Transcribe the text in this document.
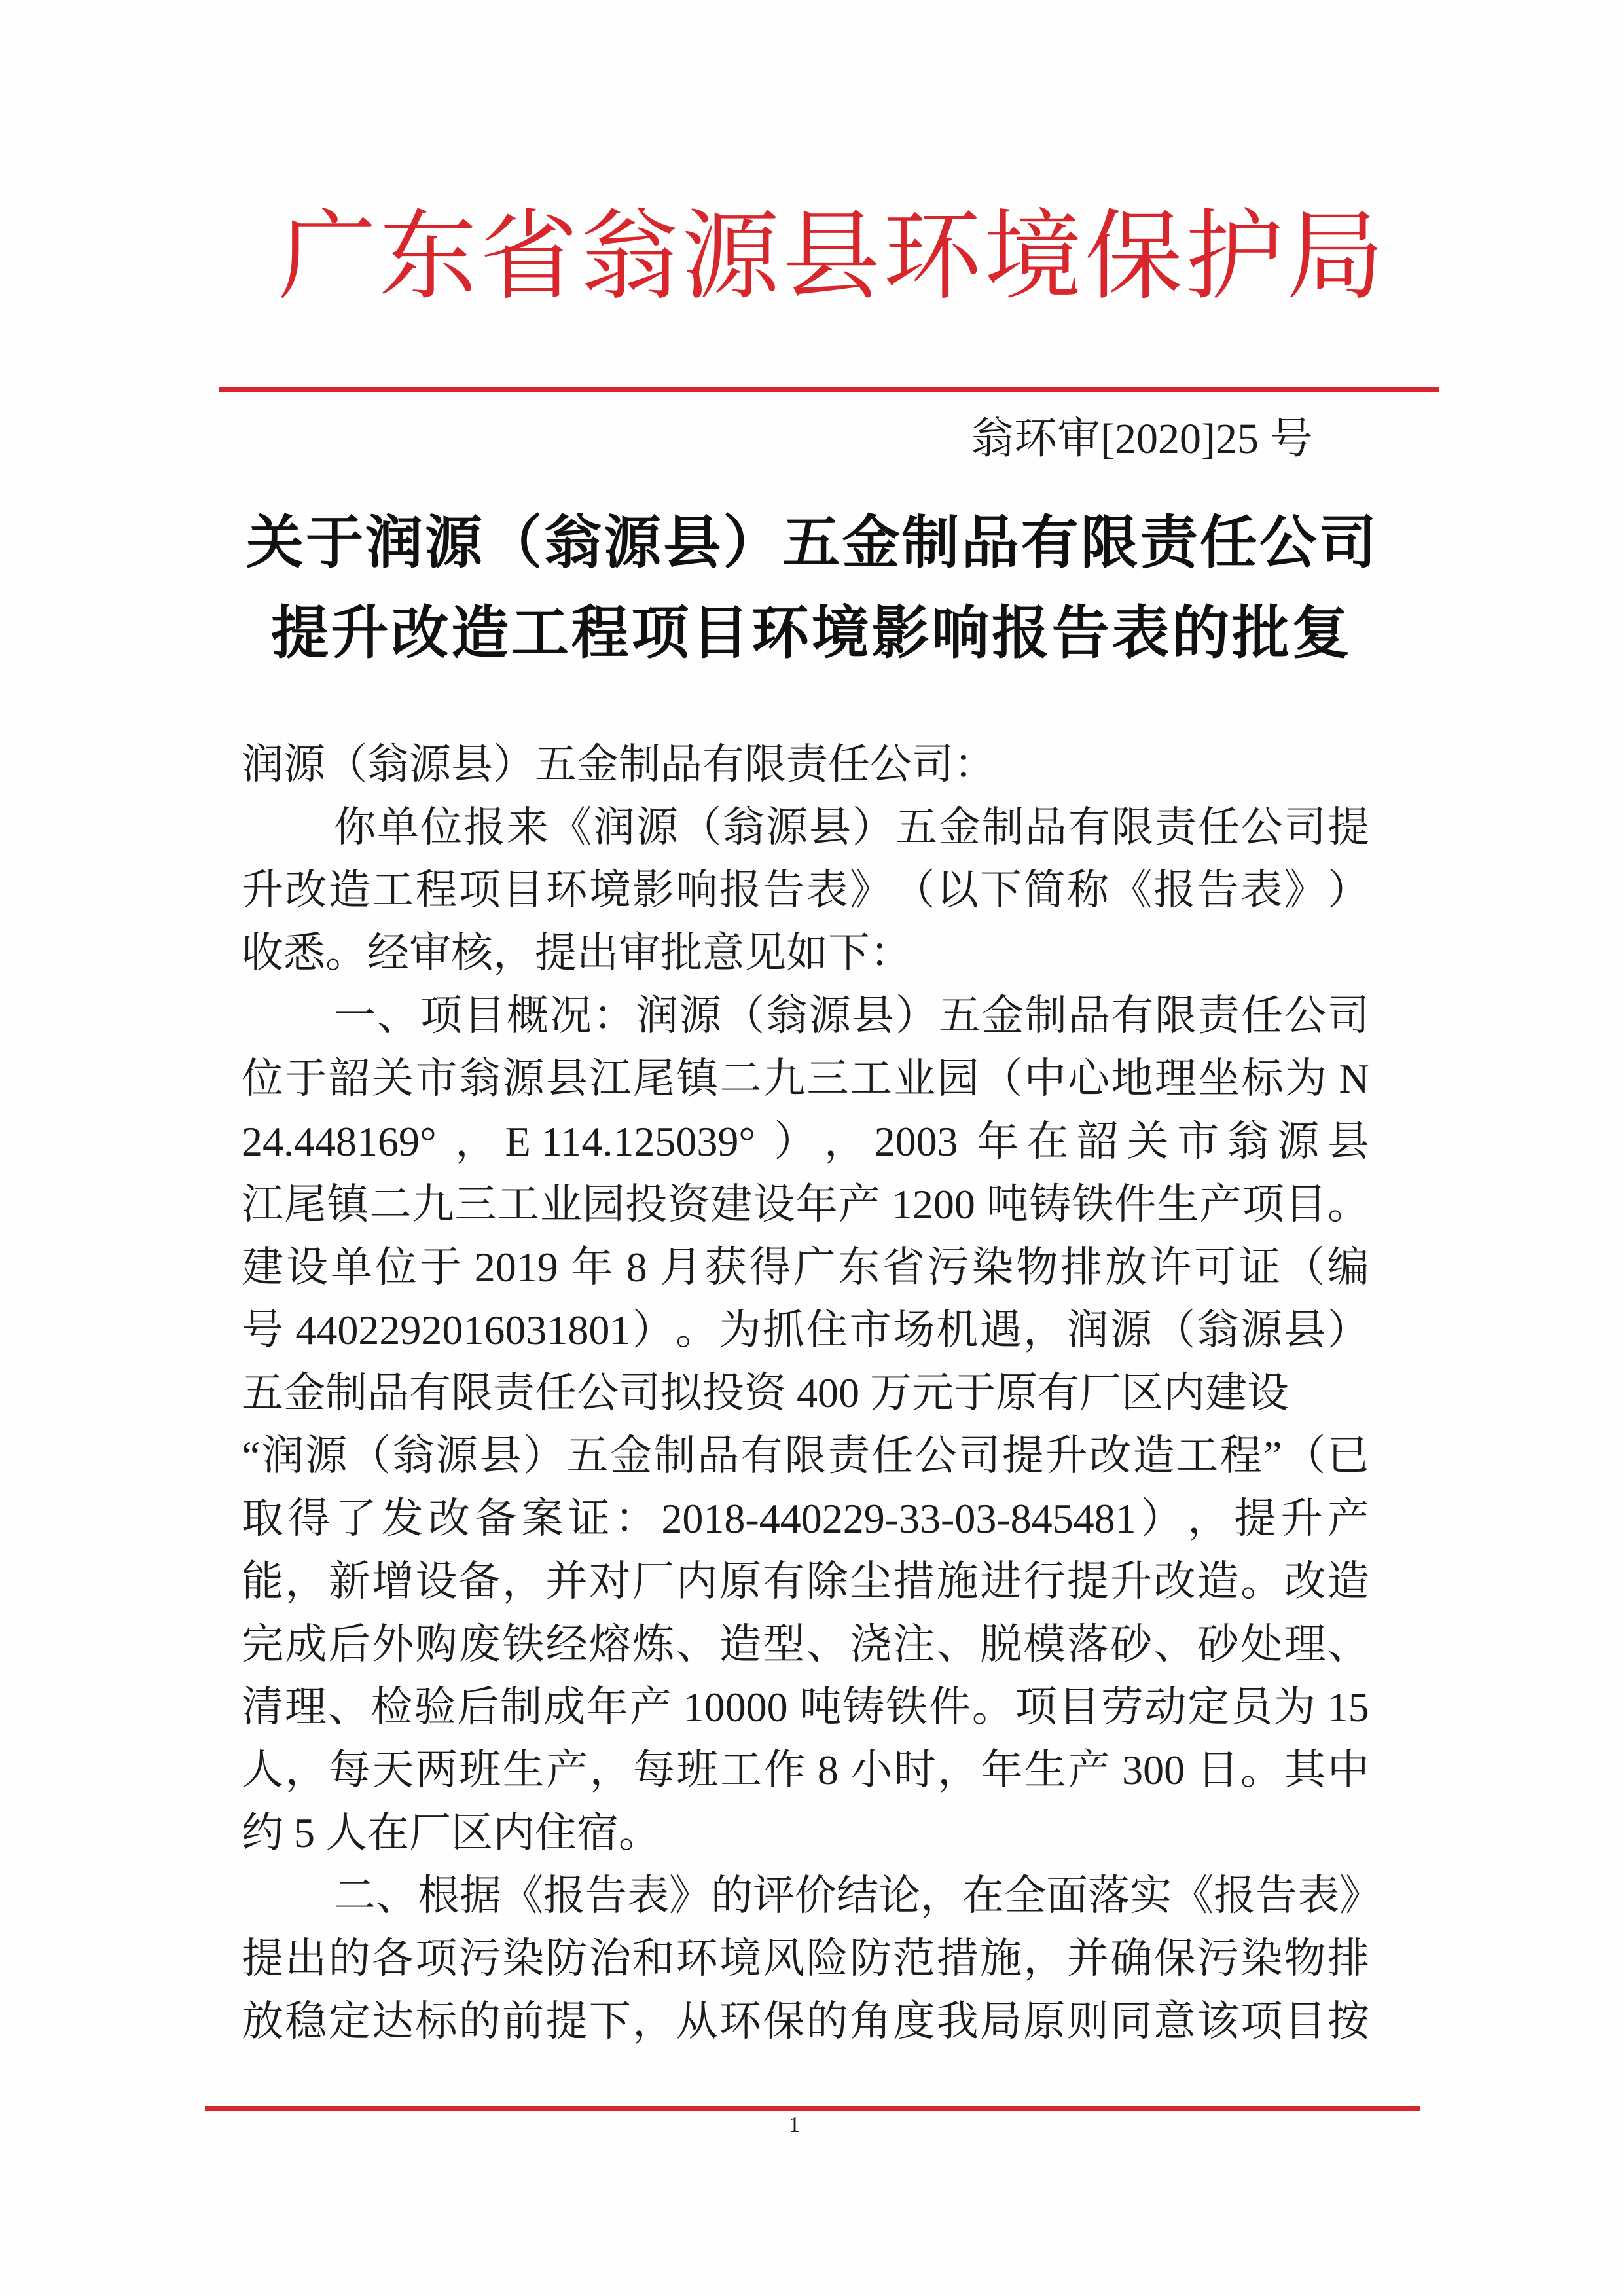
广 东 省 翁 源 县 环 境 保 护 局
翁环审[2020]25 号
关 于 润 源 （ 翁 源 县 ） 五 金 制 品 有 限 责 任 公 司
提 升 改 造 工 程 项 目 环 境 影 响 报 告 表 的 批 复
润源（翁源县）五金制品有限责任公司：
你 单 位 报 来 《 润 源 （ 翁 源 县 ） 五 金 制 品 有 限 责 任 公 司 提
升 改 造 工 程 项 目 环 境 影 响 报 告 表 》 （ 以 下 简 称 《 报 告 表 》 ）
收悉。经审核，提出审批意见如下：
一 、 项 目 概 况 ： 润 源 （ 翁 源 县 ） 五 金 制 品 有 限 责 任 公 司
位 于 韶 关 市 翁 源 县 江 尾 镇 二 九 三 工 业 园 （ 中 心 地 理 坐 标 为 N
24.448169° ， E 114.125039° ） ， 2003 年 在 韶 关 市 翁 源 县
江 尾 镇 二 九 三 工 业 园 投 资 建 设 年 产 1200 吨 铸 铁 件 生 产 项 目 。
建 设 单 位 于 2019 年 8 月 获 得 广 东 省 污 染 物 排 放 许 可 证 （ 编
号 4402292016031801 ） 。 为 抓 住 市 场 机 遇 ， 润 源 （ 翁 源 县 ）
五金制品有限责任公司拟投资 400 万元于原有厂区内建设
“ 润 源 （ 翁 源 县 ） 五 金 制 品 有 限 责 任 公 司 提 升 改 造 工 程 ” （ 已
取 得 了 发 改 备 案 证 ： 2018-440229-33-03-845481 ） ， 提 升 产
能 ， 新 增 设 备 ， 并 对 厂 内 原 有 除 尘 措 施 进 行 提 升 改 造 。 改 造
完 成 后 外 购 废 铁 经 熔 炼 、 造 型 、 浇 注 、 脱 模 落 砂 、 砂 处 理 、
清 理 、 检 验 后 制 成 年 产 10000 吨 铸 铁 件 。 项 目 劳 动 定 员 为 15
人 ， 每 天 两 班 生 产 ， 每 班 工 作 8 小 时 ， 年 生 产 300 日 。 其 中
约 5 人在厂区内住宿。
二 、 根 据 《 报 告 表 》 的 评 价 结 论 ， 在 全 面 落 实 《 报 告 表 》
提 出 的 各 项 污 染 防 治 和 环 境 风 险 防 范 措 施 ， 并 确 保 污 染 物 排
放 稳 定 达 标 的 前 提 下 ， 从 环 保 的 角 度 我 局 原 则 同 意 该 项 目 按
1
